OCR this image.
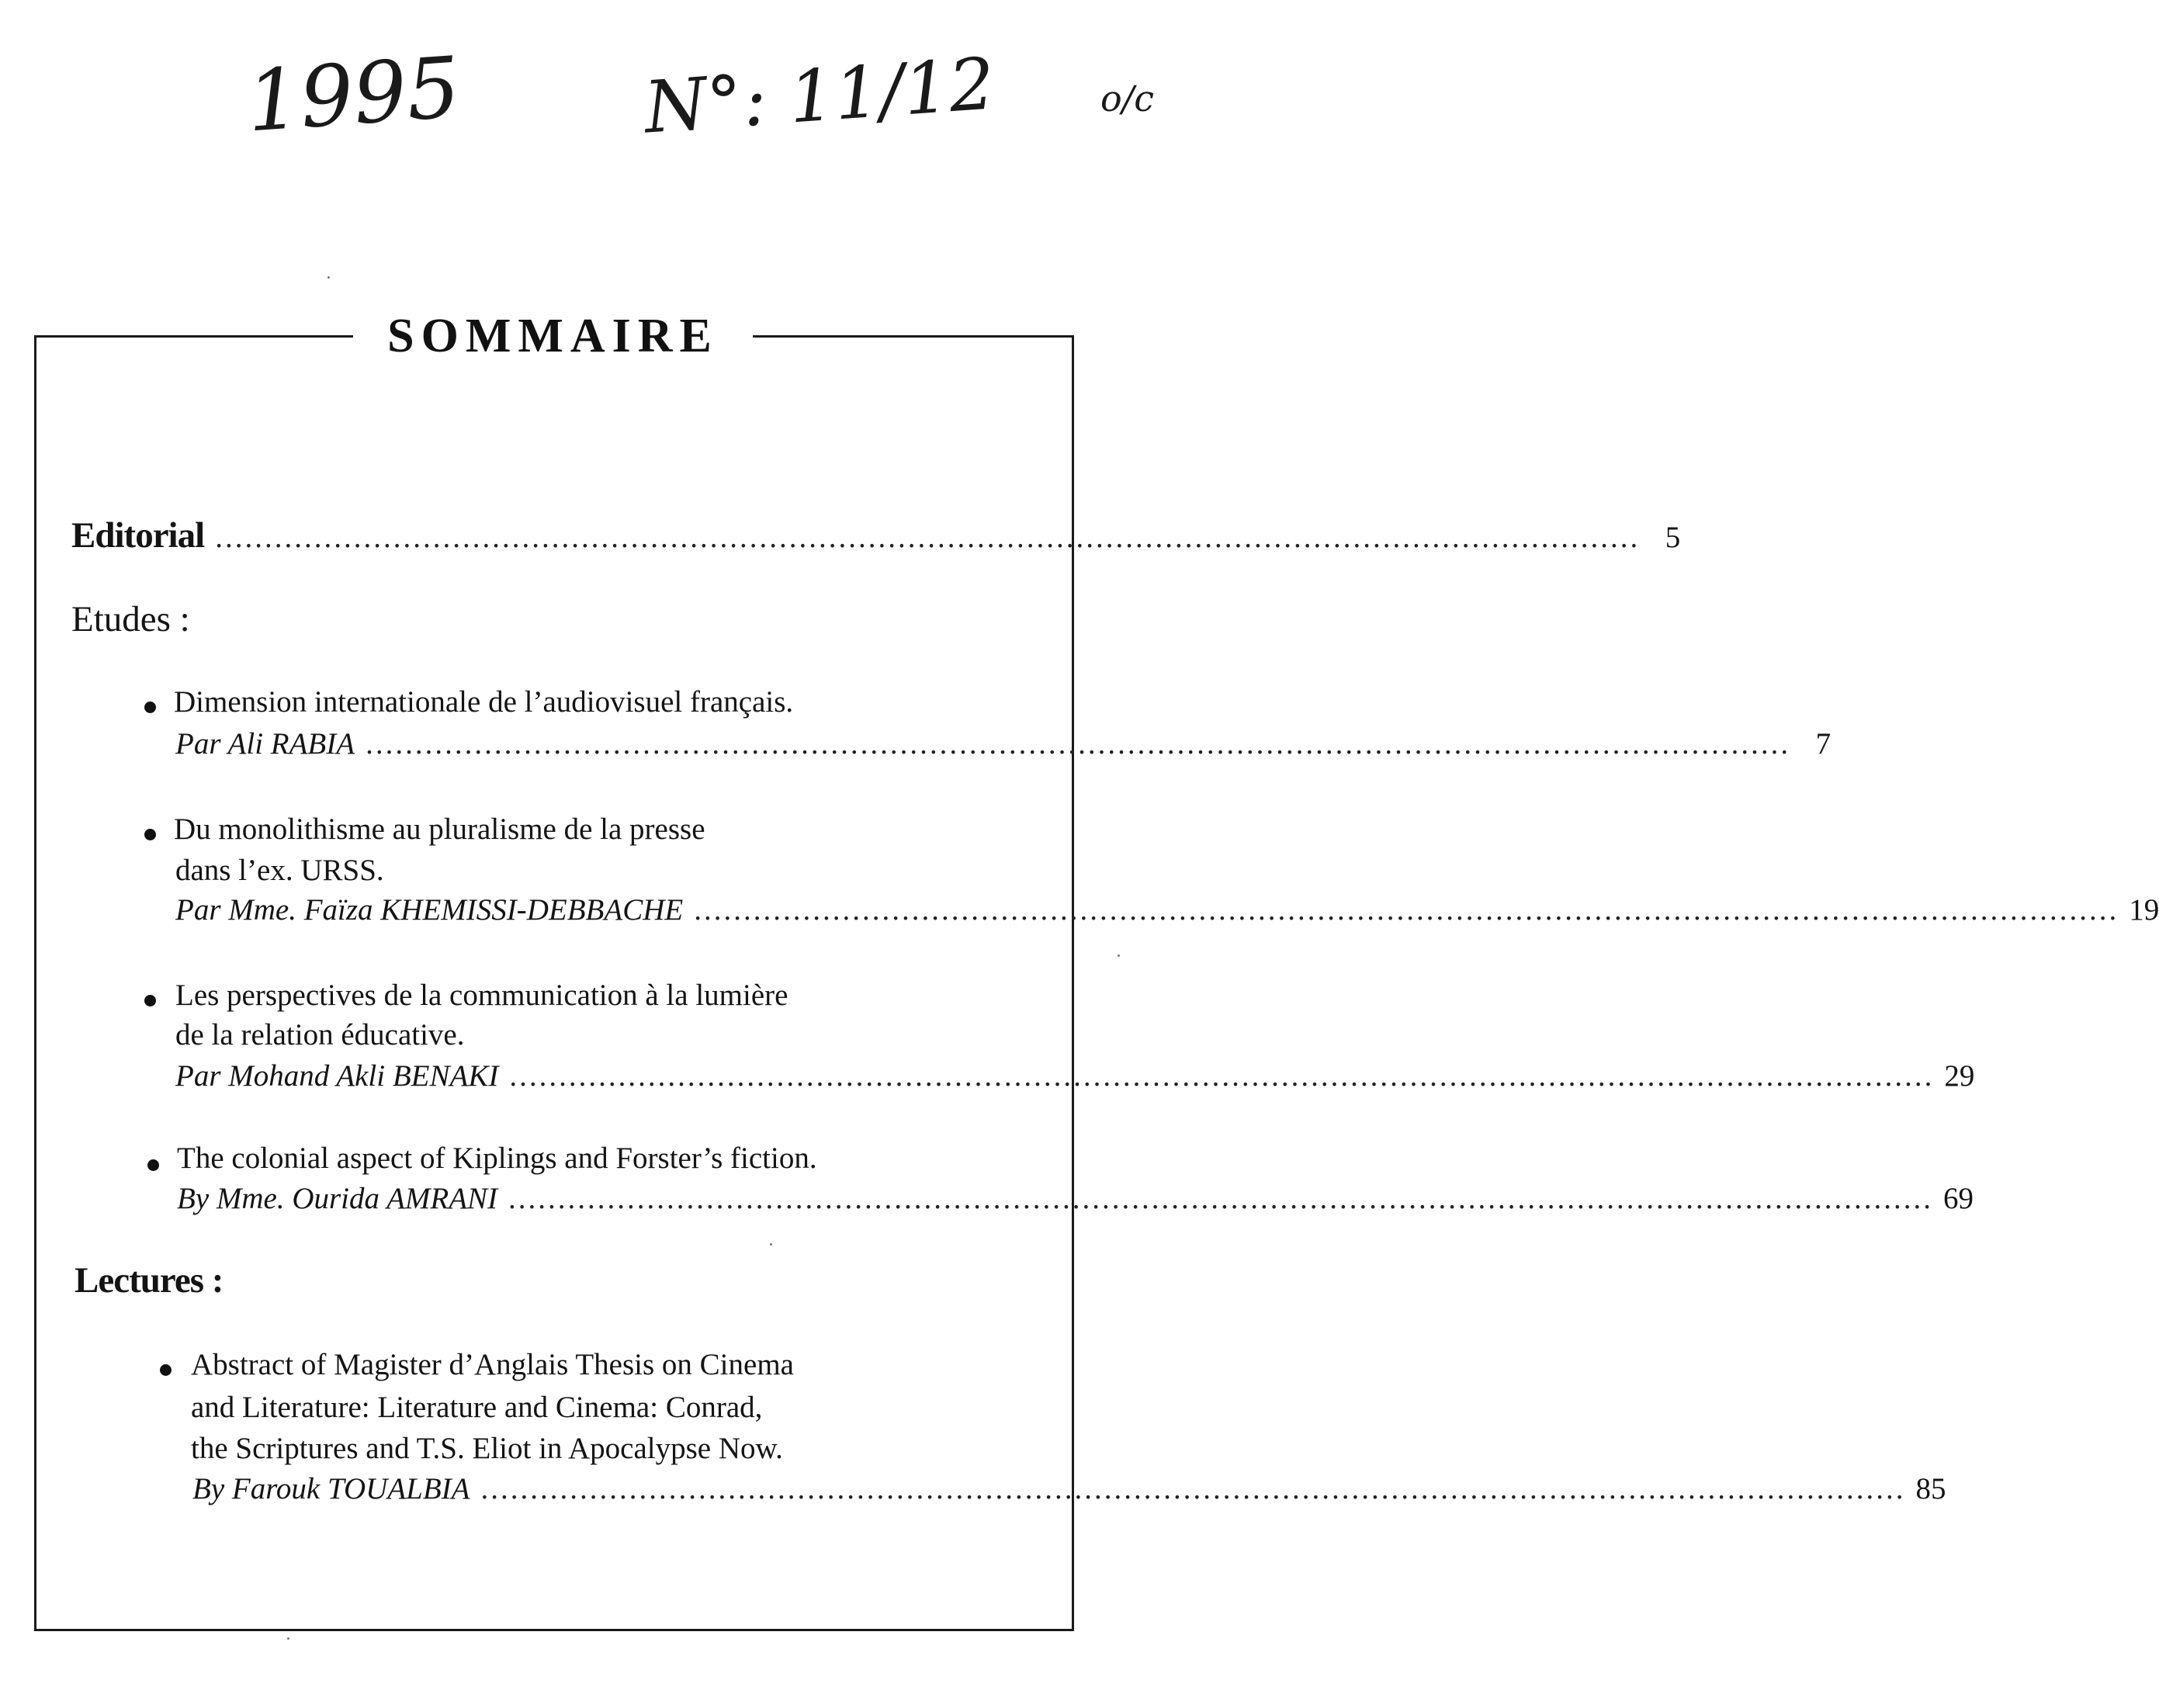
1995 N°: 11/12	o/c
SOMMAIRE
Editorial ................................................................................................................................................ 5
Etudes :
Dimension internationale de l’audiovisuel français.
Par Ali RABIA ................................................................................................................................................ 7
Du monolithisme au pluralisme de la presse
dans l’ex. URSS.
Par Mme. Faïza KHEMISSI-DEBBACHE ................................................................................................................................................ 19
Les perspectives de la communication à la lumière
de la relation éducative.
Par Mohand Akli BENAKI ................................................................................................................................................ 29
The colonial aspect of Kiplings and Forster’s fiction.
By Mme. Ourida AMRANI ................................................................................................................................................ 69
Lectures :
Abstract of Magister d’Anglais Thesis on Cinema
and Literature: Literature and Cinema: Conrad,
the Scriptures and T.S. Eliot in Apocalypse Now.
By Farouk TOUALBIA ................................................................................................................................................ 85
